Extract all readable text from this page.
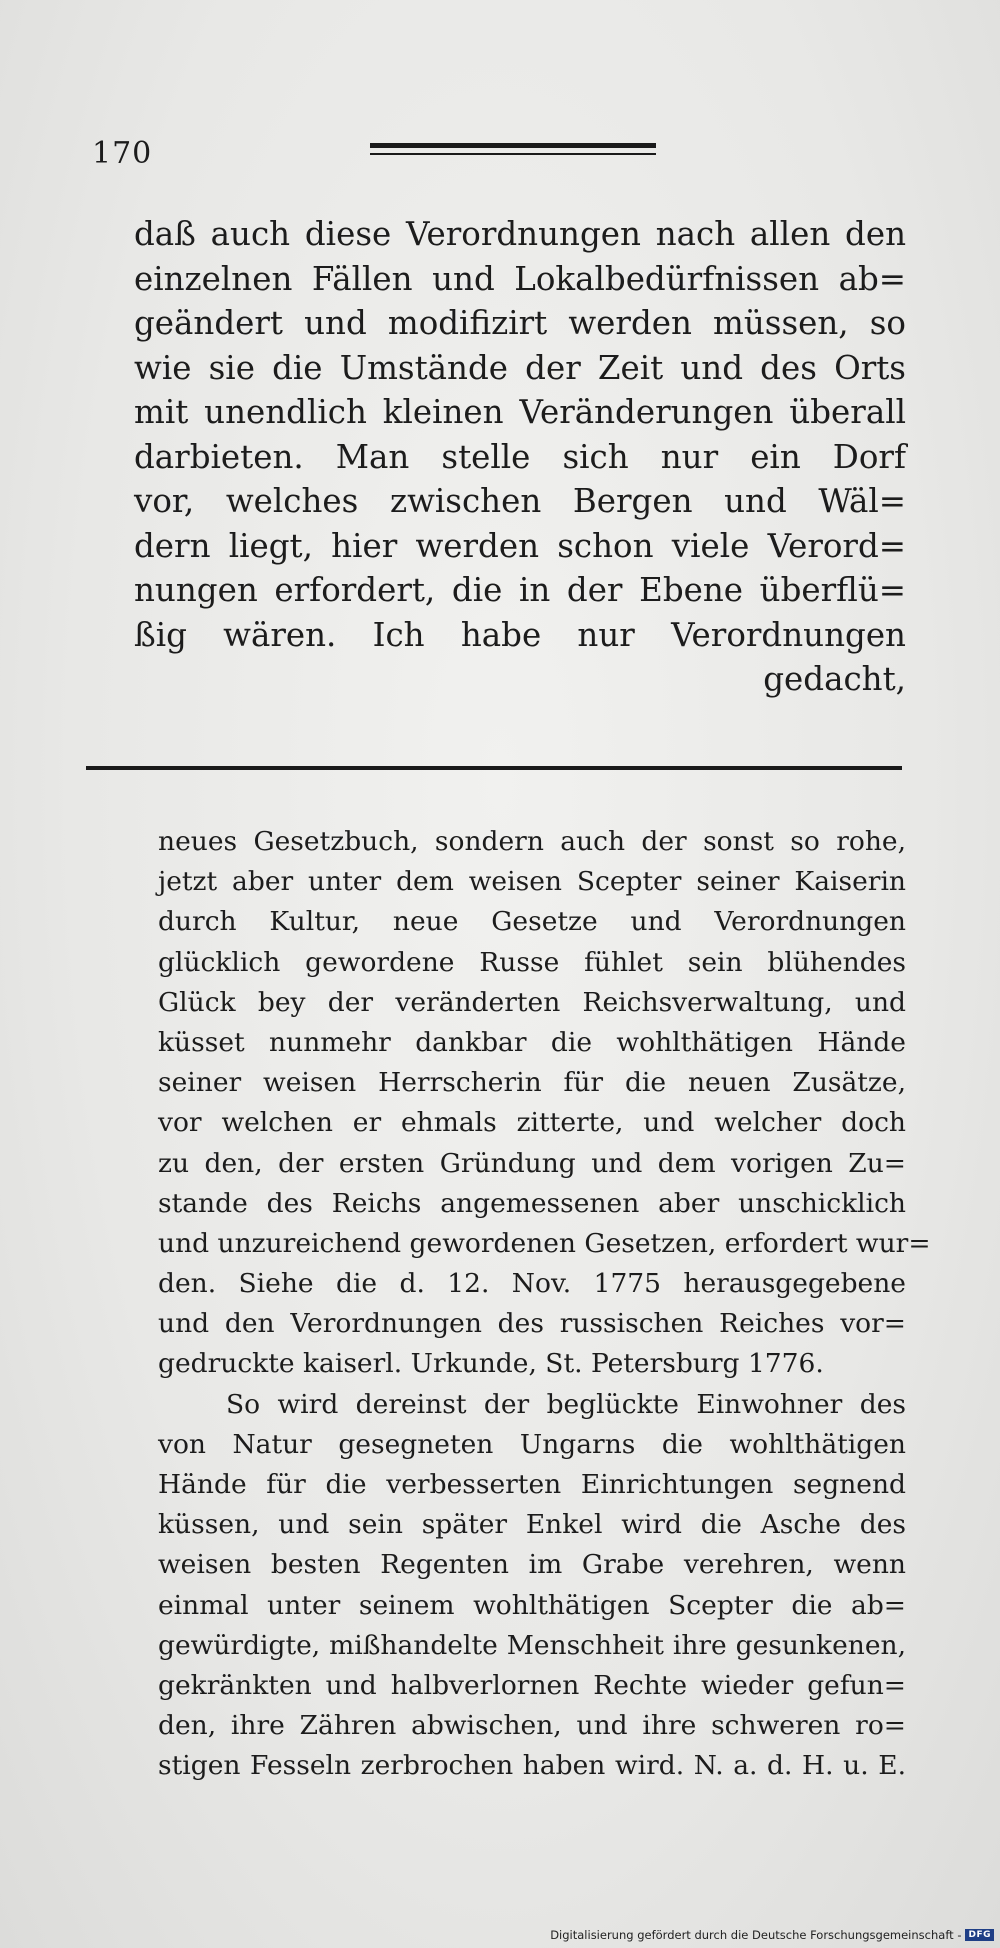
170
daß auch diese Verordnungen nach allen den
einzelnen Fällen und Lokalbedürfnissen ab=
geändert und modifizirt werden müssen, so
wie sie die Umstände der Zeit und des Orts
mit unendlich kleinen Veränderungen überall
darbieten. Man stelle sich nur ein Dorf
vor, welches zwischen Bergen und Wäl=
dern liegt, hier werden schon viele Verord=
nungen erfordert, die in der Ebene überflü=
ßig wären. Ich habe nur Verordnungen
gedacht,
neues Gesetzbuch, sondern auch der sonst so rohe,
jetzt aber unter dem weisen Scepter seiner Kaiserin
durch Kultur, neue Gesetze und Verordnungen
glücklich gewordene Russe fühlet sein blühendes
Glück bey der veränderten Reichsverwaltung, und
küsset nunmehr dankbar die wohlthätigen Hände
seiner weisen Herrscherin für die neuen Zusätze,
vor welchen er ehmals zitterte, und welcher doch
zu den, der ersten Gründung und dem vorigen Zu=
stande des Reichs angemessenen aber unschicklich
und unzureichend gewordenen Gesetzen, erfordert wur=
den. Siehe die d. 12. Nov. 1775 herausgegebene
und den Verordnungen des russischen Reiches vor=
gedruckte kaiserl. Urkunde, St. Petersburg 1776.
So wird dereinst der beglückte Einwohner des
von Natur gesegneten Ungarns die wohlthätigen
Hände für die verbesserten Einrichtungen segnend
küssen, und sein später Enkel wird die Asche des
weisen besten Regenten im Grabe verehren, wenn
einmal unter seinem wohlthätigen Scepter die ab=
gewürdigte, mißhandelte Menschheit ihre gesunkenen,
gekränkten und halbverlornen Rechte wieder gefun=
den, ihre Zähren abwischen, und ihre schweren ro=
stigen Fesseln zerbrochen haben wird. N. a. d. H. u. E.
Digitalisierung gefördert durch die Deutsche Forschungsgemeinschaft - DFG
